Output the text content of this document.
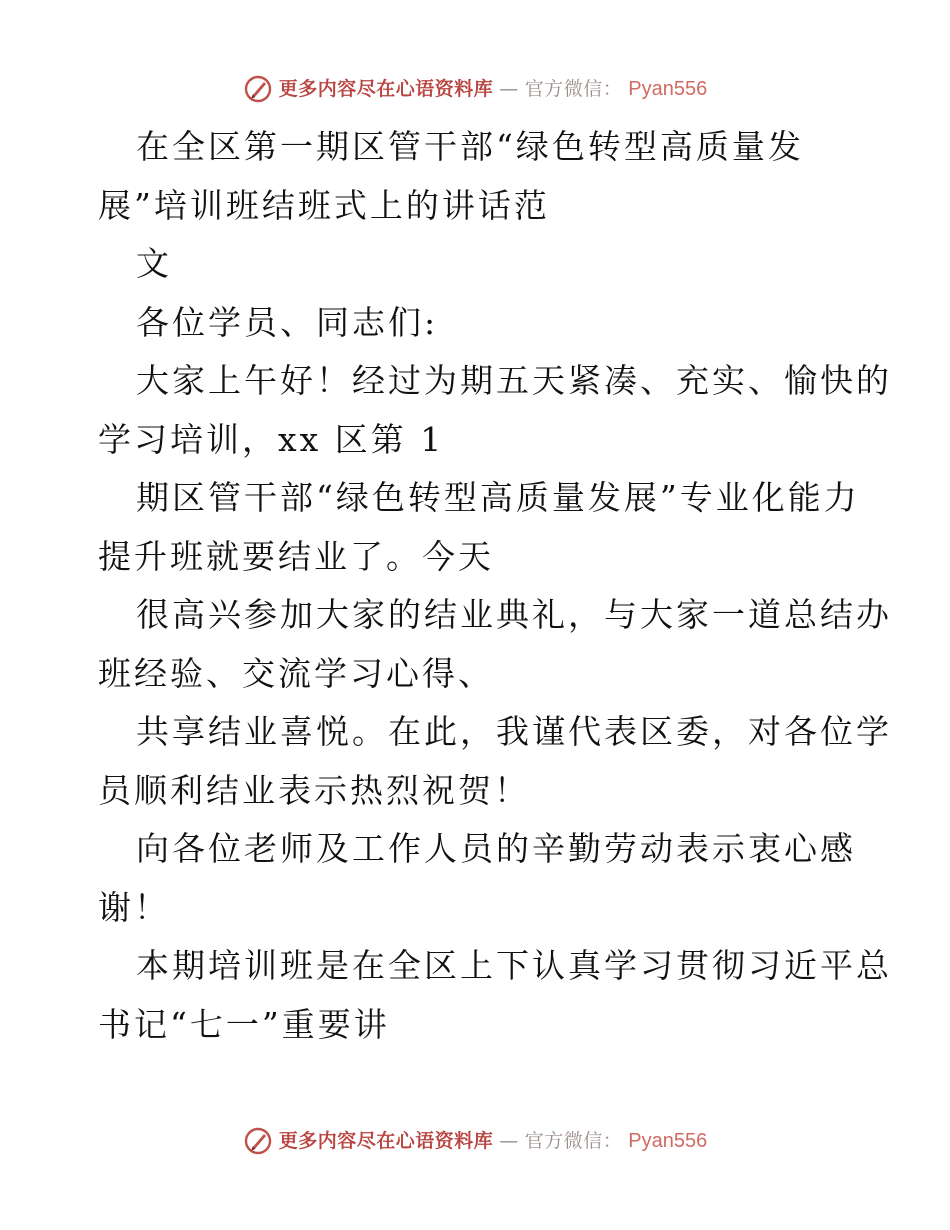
更多内容尽在心语资料库 — 官方微信： Pyan556
在全区第一期区管干部“绿色转型高质量发
展”培训班结班式上的讲话范
文
各位学员、同志们:
大家上午好！经过为期五天紧凑、充实、愉快的
学习培训，xx 区第 1
期区管干部“绿色转型高质量发展”专业化能力
提升班就要结业了。今天
很高兴参加大家的结业典礼，与大家一道总结办
班经验、交流学习心得、
共享结业喜悦。在此，我谨代表区委，对各位学
员顺利结业表示热烈祝贺！
向各位老师及工作人员的辛勤劳动表示衷心感
谢！
本期培训班是在全区上下认真学习贯彻习近平总
书记“七一”重要讲
更多内容尽在心语资料库 — 官方微信： Pyan556
